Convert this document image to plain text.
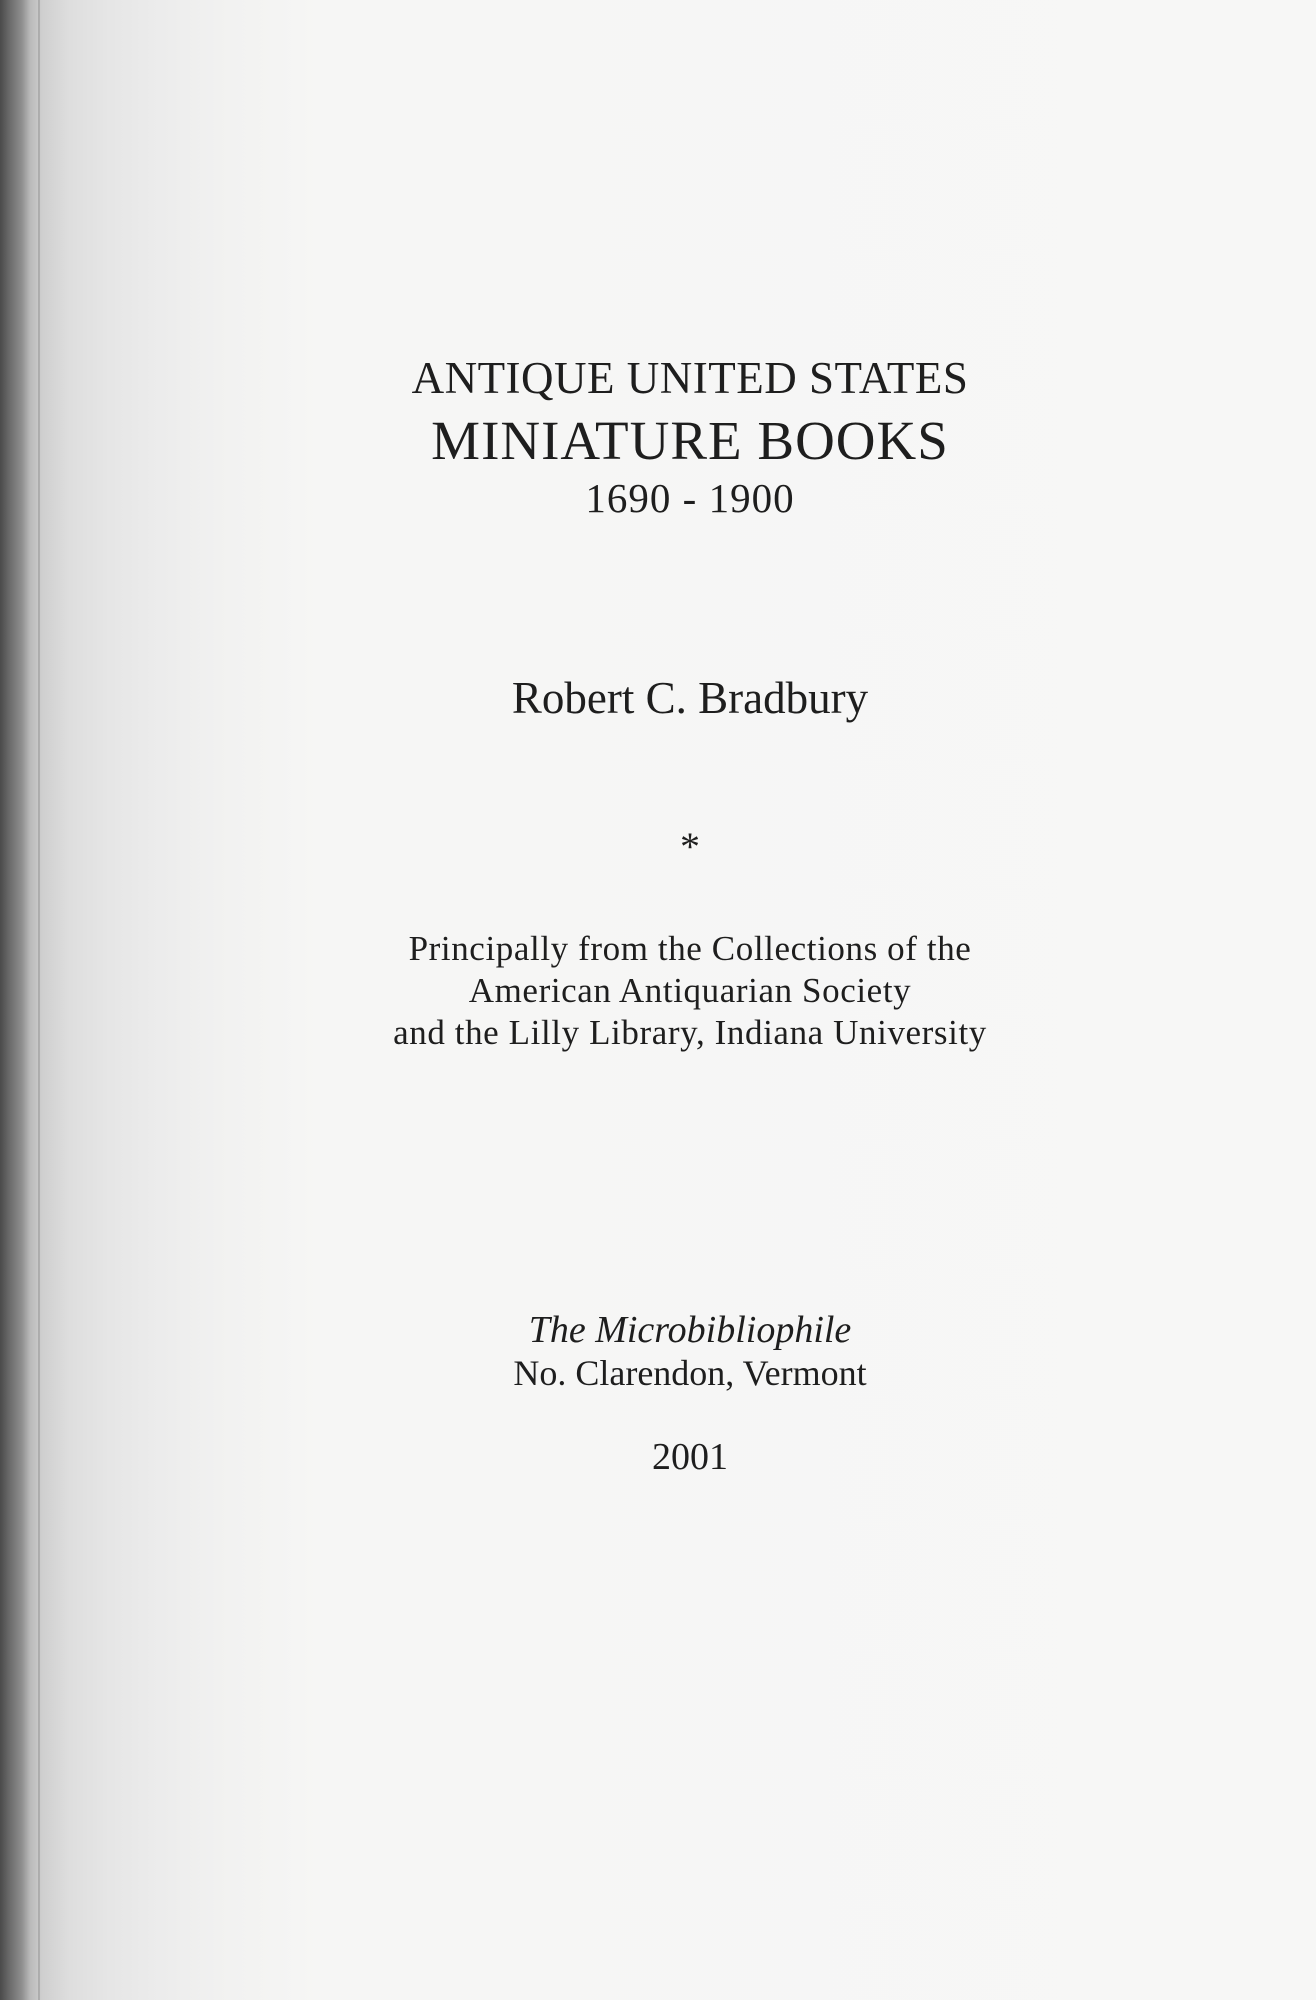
ANTIQUE UNITED STATES
MINIATURE BOOKS
1690 - 1900
Robert C. Bradbury
*
Principally from the Collections of the
American Antiquarian Society
and the Lilly Library, Indiana University
The Microbibliophile
No. Clarendon, Vermont
2001
